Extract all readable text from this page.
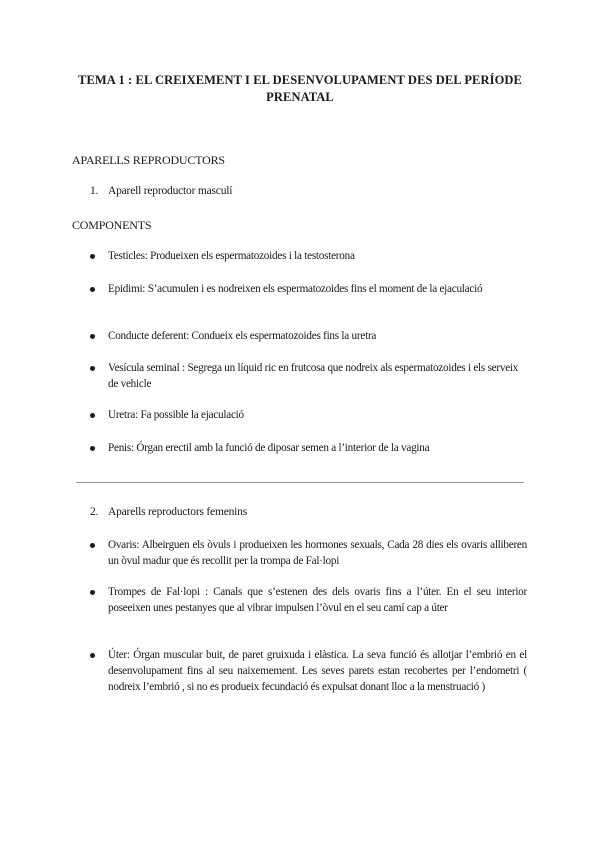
TEMA 1 : EL CREIXEMENT I EL DESENVOLUPAMENT DES DEL PERÍODE PRENATAL
APARELLS REPRODUCTORS
1. Aparell reproductor masculí
COMPONENTS
Testicles: Produeixen els espermatozoides i la testosterona
Epidimi: S’acumulen i es nodreixen els espermatozoides fins el moment de la ejaculació
Conducte deferent: Condueix els espermatozoides fins la uretra
Vesícula seminal : Segrega un líquid ric en frutcosa que nodreix als espermatozoides i els serveix de vehicle
Uretra: Fa possible la ejaculació
Penis: Órgan erectil amb la funció de diposar semen a l’interior de la vagina
2. Aparells reproductors femenins
Ovaris: Albeirguen els òvuls i produeixen les hormones sexuals, Cada 28 dies els ovaris alliberen un òvul madur que és recollit per la trompa de Fal·lopi
Trompes de Fal·lopi : Canals que s’estenen des dels ovaris fins a l’úter. En el seu interior poseeixen unes pestanyes que al vibrar impulsen l’òvul en el seu camí cap a úter
Úter: Órgan muscular buit, de paret gruixuda i elàstica. La seva funció és allotjar l’embrió en el desenvolupament fins al seu naixemement. Les seves parets estan recobertes per l’endometri ( nodreix l’embrió , si no es produeix fecundació és expulsat donant lloc a la menstruació )
